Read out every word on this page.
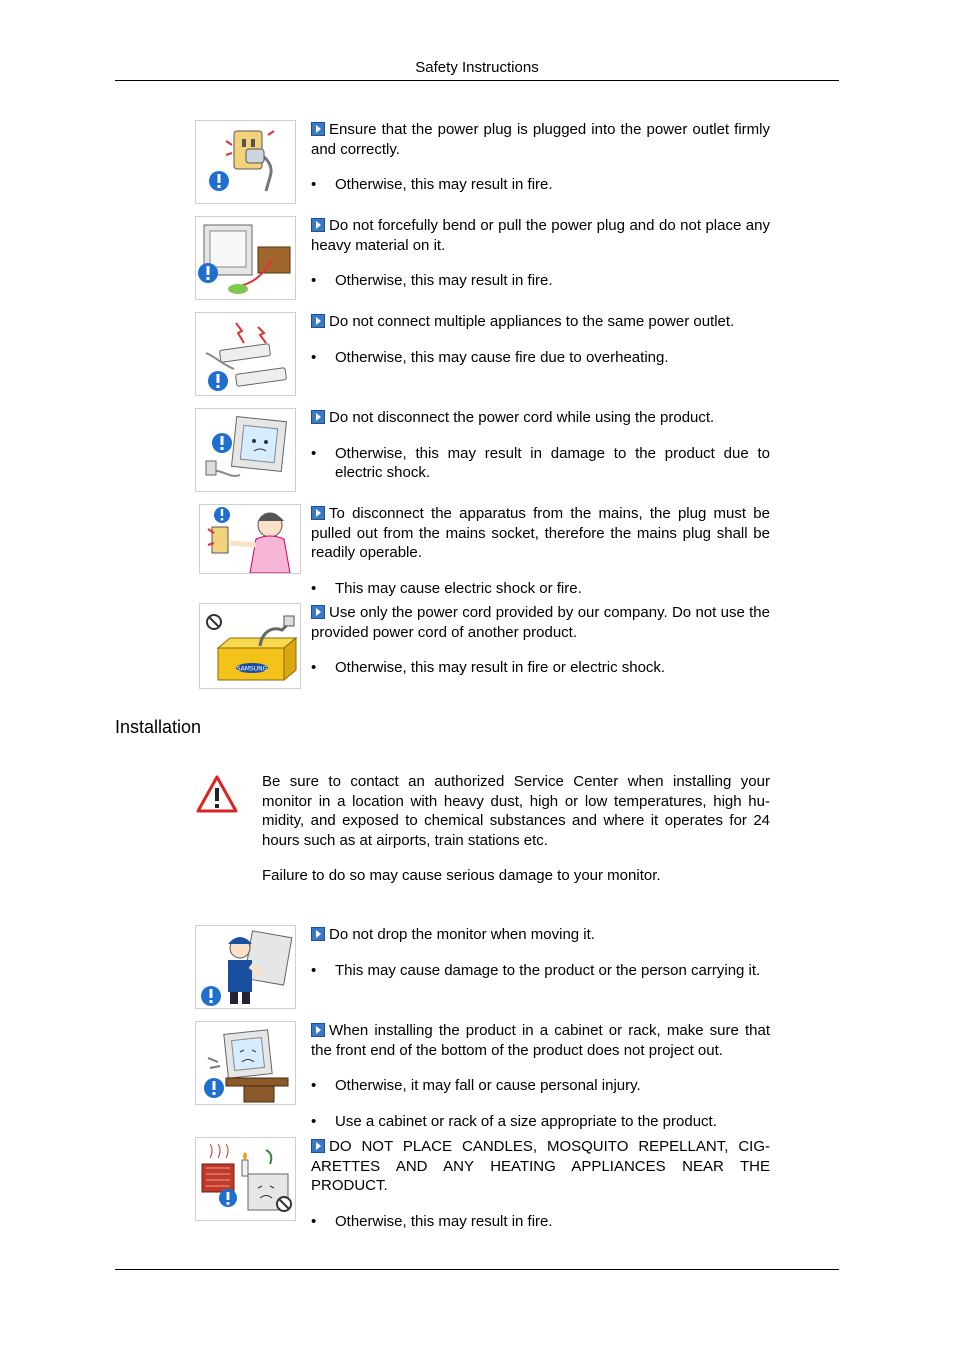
Safety Instructions

Ensure that the power plug is plugged into the power outlet firmly and correctly.

• Otherwise, this may result in fire.

Do not forcefully bend or pull the power plug and do not place any heavy material on it.

• Otherwise, this may result in fire.

Do not connect multiple appliances to the same power outlet.

• Otherwise, this may cause fire due to overheating.

Do not disconnect the power cord while using the product.

• Otherwise, this may result in damage to the product due to electric shock.

To disconnect the apparatus from the mains, the plug must be pulled out from the mains socket, therefore the mains plug shall be readily operable.

• This may cause electric shock or fire.

SAMSUNG

Use only the power cord provided by our company. Do not use the provided power cord of another product.

• Otherwise, this may result in fire or electric shock.

Installation

Be sure to contact an authorized Service Center when installing your monitor in a location with heavy dust, high or low temperatures, high hu-midity, and exposed to chemical substances and where it operates for 24 hours such as at airports, train stations etc.

Failure to do so may cause serious damage to your monitor.

Do not drop the monitor when moving it.

• This may cause damage to the product or the person carrying it.

When installing the product in a cabinet or rack, make sure that the front end of the bottom of the product does not project out.

• Otherwise, it may fall or cause personal injury.

• Use a cabinet or rack of a size appropriate to the product.

DO NOT PLACE CANDLES, MOSQUITO REPELLANT, CIG-ARETTES AND ANY HEATING APPLIANCES NEAR THE PRODUCT.

• Otherwise, this may result in fire.
